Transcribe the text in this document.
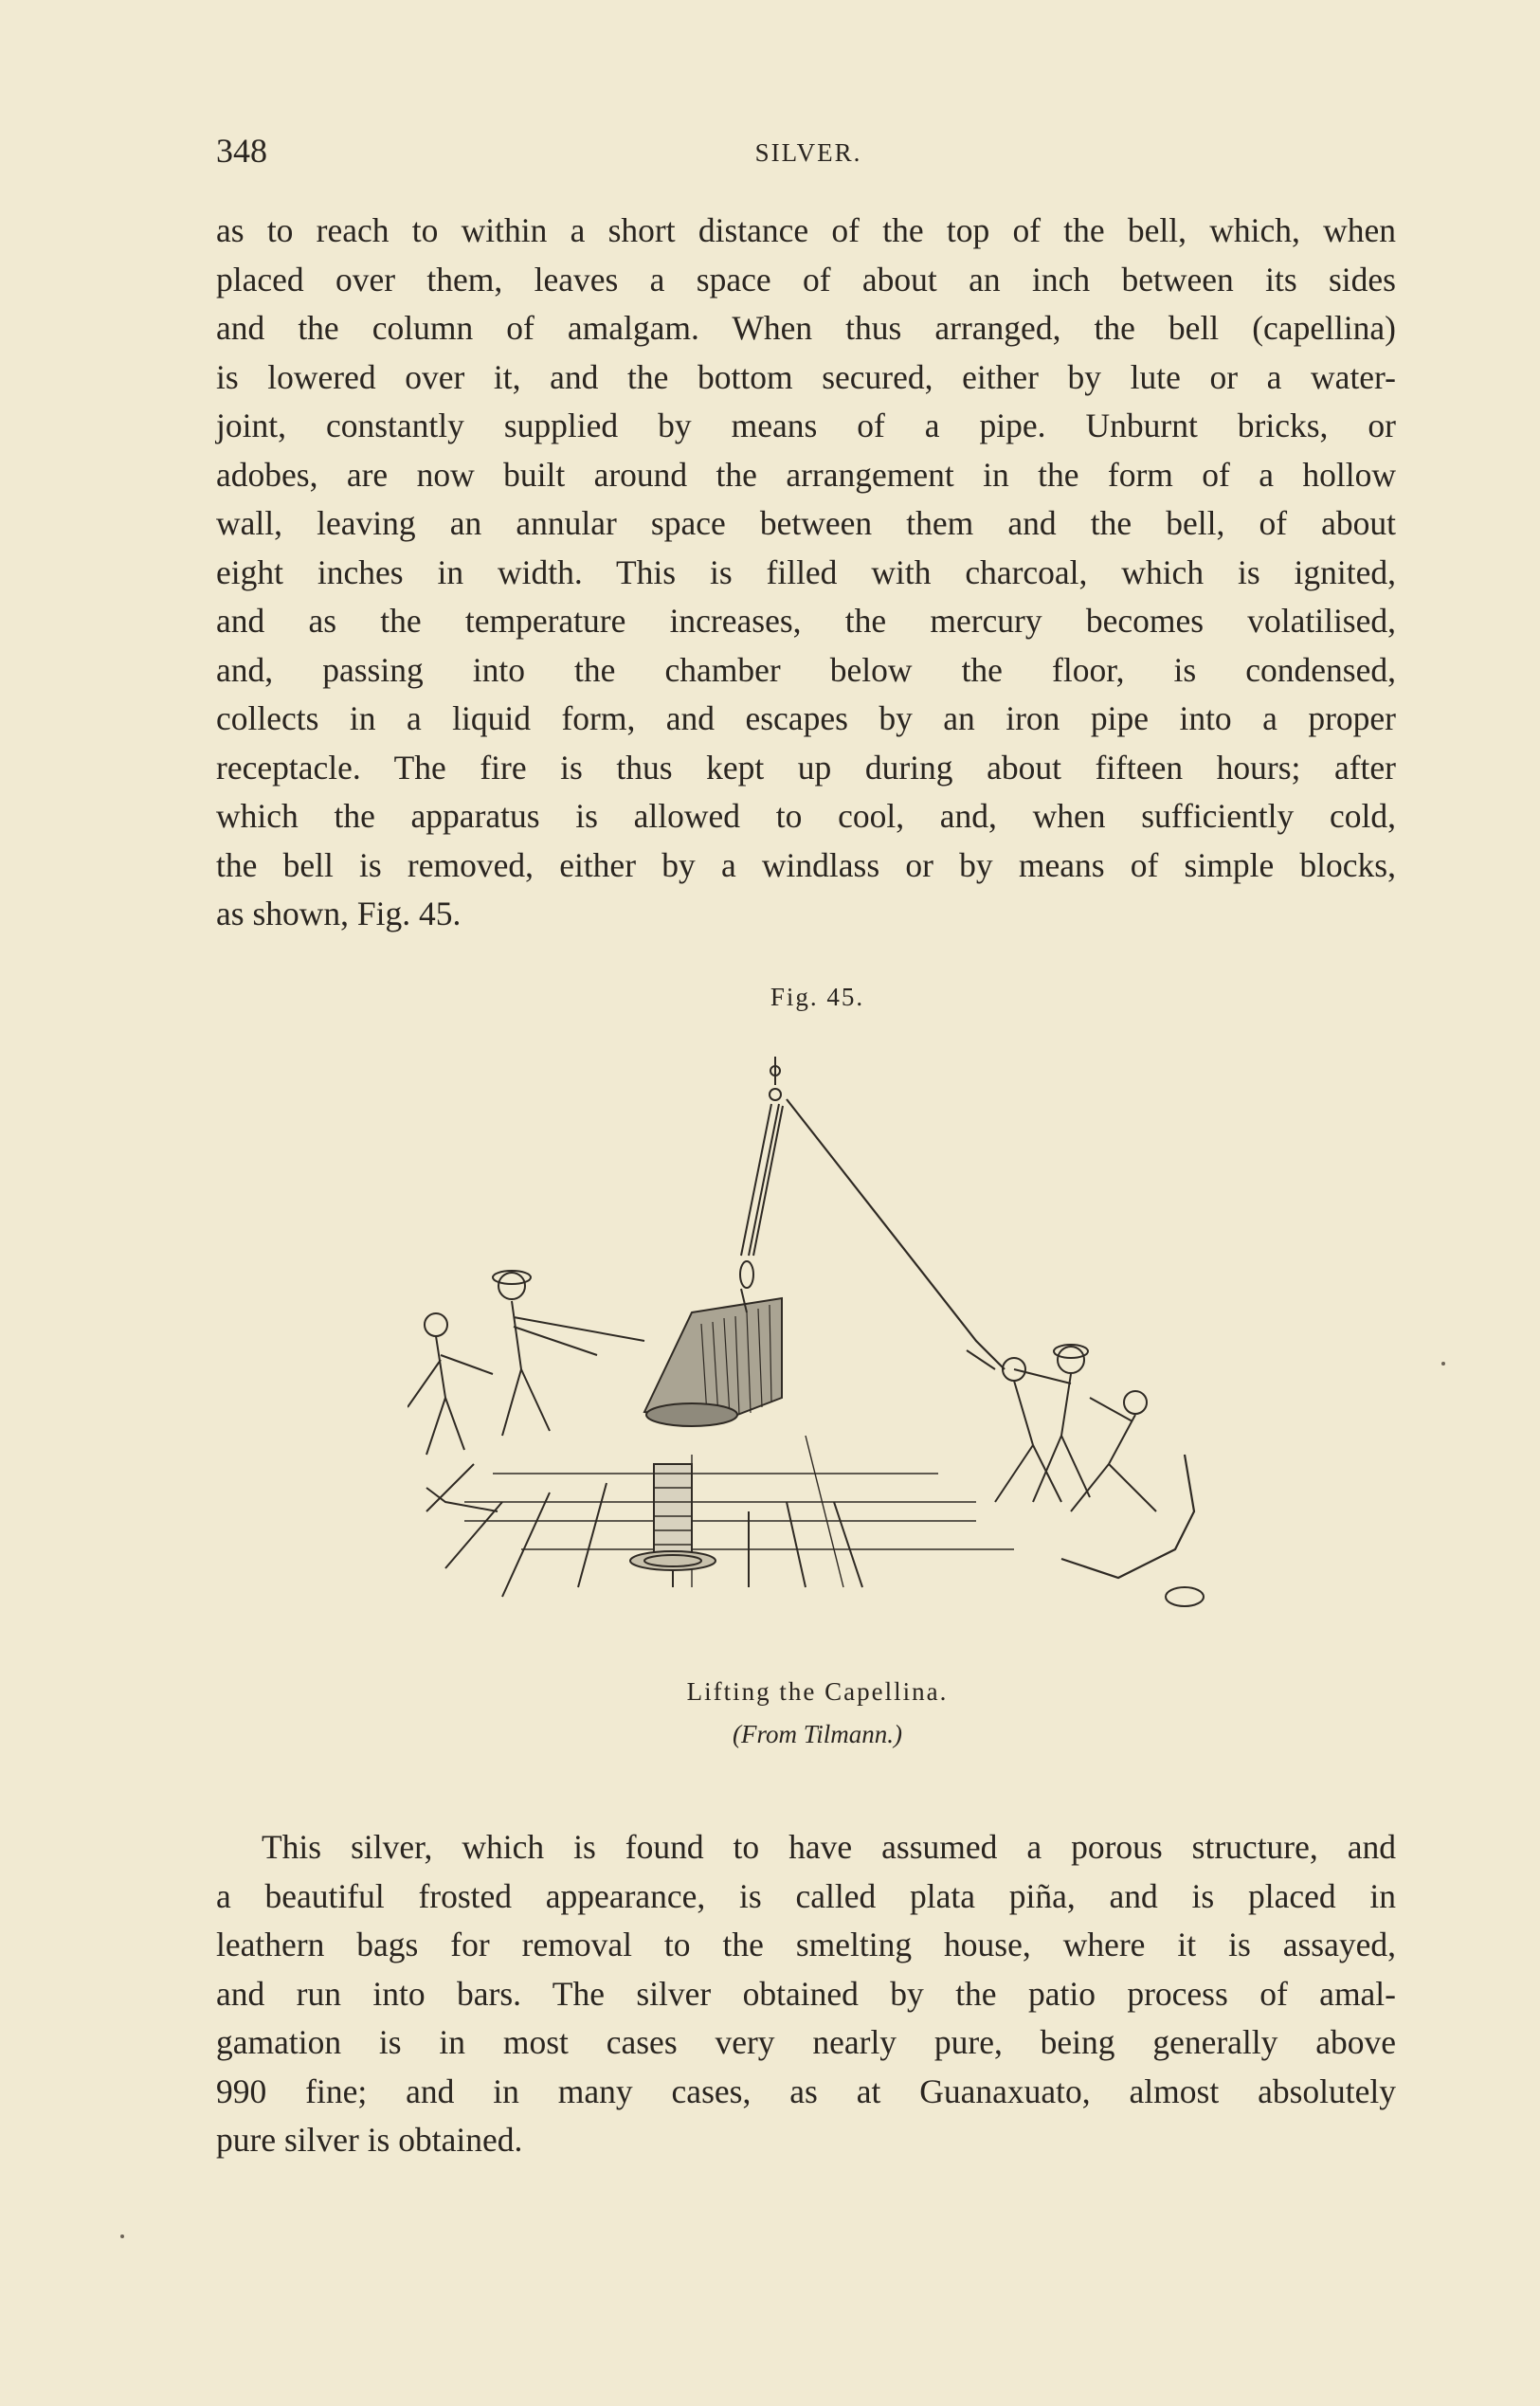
348	SILVER.
as to reach to within a short distance of the top of the bell, which, when
placed over them, leaves a space of about an inch between its sides
and the column of amalgam. When thus arranged, the bell (capellina)
is lowered over it, and the bottom secured, either by lute or a water-
joint, constantly supplied by means of a pipe. Unburnt bricks, or
adobes, are now built around the arrangement in the form of a hollow
wall, leaving an annular space between them and the bell, of about
eight inches in width. This is filled with charcoal, which is ignited,
and as the temperature increases, the mercury becomes volatilised,
and, passing into the chamber below the floor, is condensed,
collects in a liquid form, and escapes by an iron pipe into a proper
receptacle. The fire is thus kept up during about fifteen hours; after
which the apparatus is allowed to cool, and, when sufficiently cold,
the bell is removed, either by a windlass or by means of simple blocks,
as shown, Fig. 45.
Fig. 45.
Lifting the Capellina.
(From Tilmann.)
This silver, which is found to have assumed a porous structure, and
a beautiful frosted appearance, is called plata piña, and is placed in
leathern bags for removal to the smelting house, where it is assayed,
and run into bars. The silver obtained by the patio process of amal-
gamation is in most cases very nearly pure, being generally above
990 fine; and in many cases, as at Guanaxuato, almost absolutely
pure silver is obtained.
